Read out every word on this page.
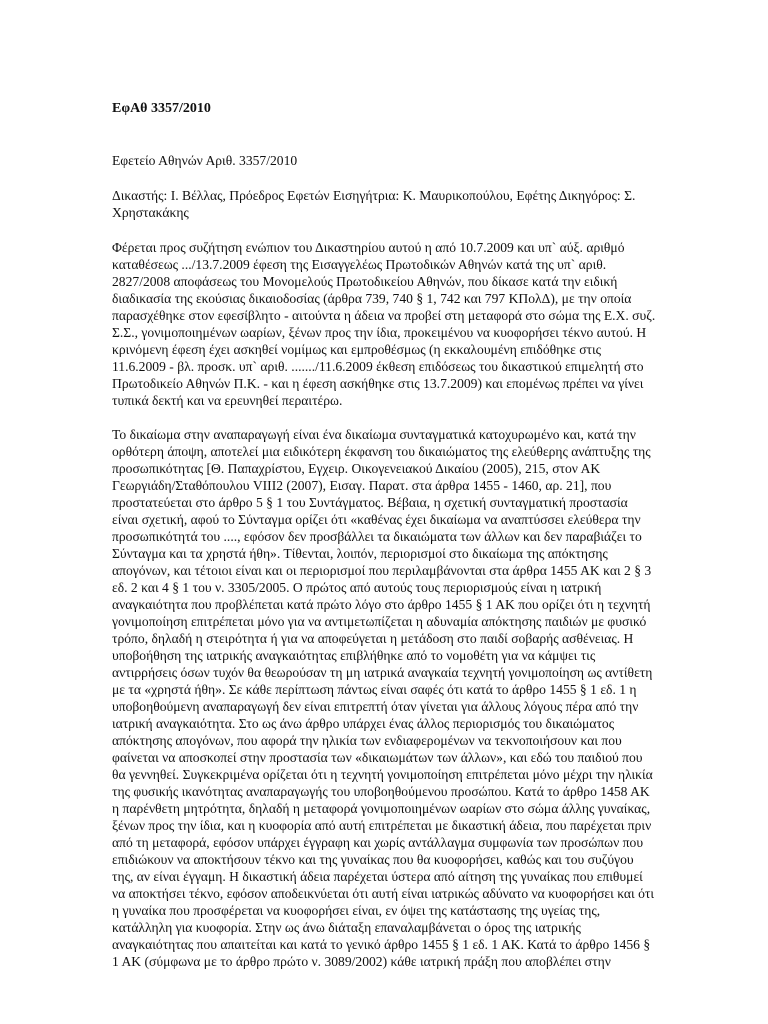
ΕφΑθ 3357/2010
Εφετείο Αθηνών Αριθ. 3357/2010
Δικαστής: Ι. Βέλλας, Πρόεδρος Εφετών Εισηγήτρια: Κ. Μαυρικοπούλου, Εφέτης Δικηγόρος: Σ. Χρηστακάκης

Φέρεται προς συζήτηση ενώπιον του Δικαστηρίου αυτού η από 10.7.2009 και υπ` αύξ. αριθμό καταθέσεως .../13.7.2009 έφεση της Εισαγγελέως Πρωτοδικών Αθηνών κατά της υπ` αριθ. 2827/2008 αποφάσεως του Μονομελούς Πρωτοδικείου Αθηνών, που δίκασε κατά την ειδική διαδικασία της εκούσιας δικαιοδοσίας (άρθρα 739, 740 § 1, 742 και 797 ΚΠολΔ), με την οποία παρασχέθηκε στον εφεσίβλητο - αιτούντα η άδεια να προβεί στη μεταφορά στο σώμα της Ε.Χ. συζ. Σ.Σ., γονιμοποιημένων ωαρίων, ξένων προς την ίδια, προκειμένου να κυοφορήσει τέκνο αυτού. Η κρινόμενη έφεση έχει ασκηθεί νομίμως και εμπροθέσμως (η εκκαλουμένη επιδόθηκε στις 11.6.2009 - βλ. προσκ. υπ` αριθ. ......./11.6.2009 έκθεση επιδόσεως του δικαστικού επιμελητή στο Πρωτοδικείο Αθηνών Π.Κ. - και η έφεση ασκήθηκε στις 13.7.2009) και επομένως πρέπει να γίνει τυπικά δεκτή και να ερευνηθεί περαιτέρω.

Το δικαίωμα στην αναπαραγωγή είναι ένα δικαίωμα συνταγματικά κατοχυρωμένο και, κατά την ορθότερη άποψη, αποτελεί μια ειδικότερη έκφανση του δικαιώματος της ελεύθερης ανάπτυξης της προσωπικότητας [Θ. Παπαχρίστου, Εγχειρ. Οικογενειακού Δικαίου (2005), 215, στον ΑΚ Γεωργιάδη/Σταθόπουλου VIII2 (2007), Εισαγ. Παρατ. στα άρθρα 1455 - 1460, αρ. 21], που προστατεύεται στο άρθρο 5 § 1 του Συντάγματος. Βέβαια, η σχετική συνταγματική προστασία είναι σχετική, αφού το Σύνταγμα ορίζει ότι «καθένας έχει δικαίωμα να αναπτύσσει ελεύθερα την προσωπικότητά του ...., εφόσον δεν προσβάλλει τα δικαιώματα των άλλων και δεν παραβιάζει το Σύνταγμα και τα χρηστά ήθη». Τίθενται, λοιπόν, περιορισμοί στο δικαίωμα της απόκτησης απογόνων, και τέτοιοι είναι και οι περιορισμοί που περιλαμβάνονται στα άρθρα 1455 ΑΚ και 2 § 3 εδ. 2 και 4 § 1 του ν. 3305/2005. Ο πρώτος από αυτούς τους περιορισμούς είναι η ιατρική αναγκαιότητα που προβλέπεται κατά πρώτο λόγο στο άρθρο 1455 § 1 ΑΚ που ορίζει ότι η τεχνητή γονιμοποίηση επιτρέπεται μόνο για να αντιμετωπίζεται η αδυναμία απόκτησης παιδιών με φυσικό τρόπο, δηλαδή η στειρότητα ή για να αποφεύγεται η μετάδοση στο παιδί σοβαρής ασθένειας. Η υποβοήθηση της ιατρικής αναγκαιότητας επιβλήθηκε από το νομοθέτη για να κάμψει τις αντιρρήσεις όσων τυχόν θα θεωρούσαν τη μη ιατρικά αναγκαία τεχνητή γονιμοποίηση ως αντίθετη με τα «χρηστά ήθη». Σε κάθε περίπτωση πάντως είναι σαφές ότι κατά το άρθρο 1455 § 1 εδ. 1 η υποβοηθούμενη αναπαραγωγή δεν είναι επιτρεπτή όταν γίνεται για άλλους λόγους πέρα από την ιατρική αναγκαιότητα. Στο ως άνω άρθρο υπάρχει ένας άλλος περιορισμός του δικαιώματος απόκτησης απογόνων, που αφορά την ηλικία των ενδιαφερομένων να τεκνοποιήσουν και που φαίνεται να αποσκοπεί στην προστασία των «δικαιωμάτων των άλλων», και εδώ του παιδιού που θα γεννηθεί. Συγκεκριμένα ορίζεται ότι η τεχνητή γονιμοποίηση επιτρέπεται μόνο μέχρι την ηλικία της φυσικής ικανότητας αναπαραγωγής του υποβοηθούμενου προσώπου. Κατά το άρθρο 1458 ΑΚ η παρένθετη μητρότητα, δηλαδή η μεταφορά γονιμοποιημένων ωαρίων στο σώμα άλλης γυναίκας, ξένων προς την ίδια, και η κυοφορία από αυτή επιτρέπεται με δικαστική άδεια, που παρέχεται πριν από τη μεταφορά, εφόσον υπάρχει έγγραφη και χωρίς αντάλλαγμα συμφωνία των προσώπων που επιδιώκουν να αποκτήσουν τέκνο και της γυναίκας που θα κυοφορήσει, καθώς και του συζύγου της, αν είναι έγγαμη. Η δικαστική άδεια παρέχεται ύστερα από αίτηση της γυναίκας που επιθυμεί να αποκτήσει τέκνο, εφόσον αποδεικνύεται ότι αυτή είναι ιατρικώς αδύνατο να κυοφορήσει και ότι η γυναίκα που προσφέρεται να κυοφορήσει είναι, εν όψει της κατάστασης της υγείας της, κατάλληλη για κυοφορία. Στην ως άνω διάταξη επαναλαμβάνεται ο όρος της ιατρικής αναγκαιότητας που απαιτείται και κατά το γενικό άρθρο 1455 § 1 εδ. 1 ΑΚ. Κατά το άρθρο 1456 § 1 ΑΚ (σύμφωνα με το άρθρο πρώτο ν. 3089/2002) κάθε ιατρική πράξη που αποβλέπει στην
